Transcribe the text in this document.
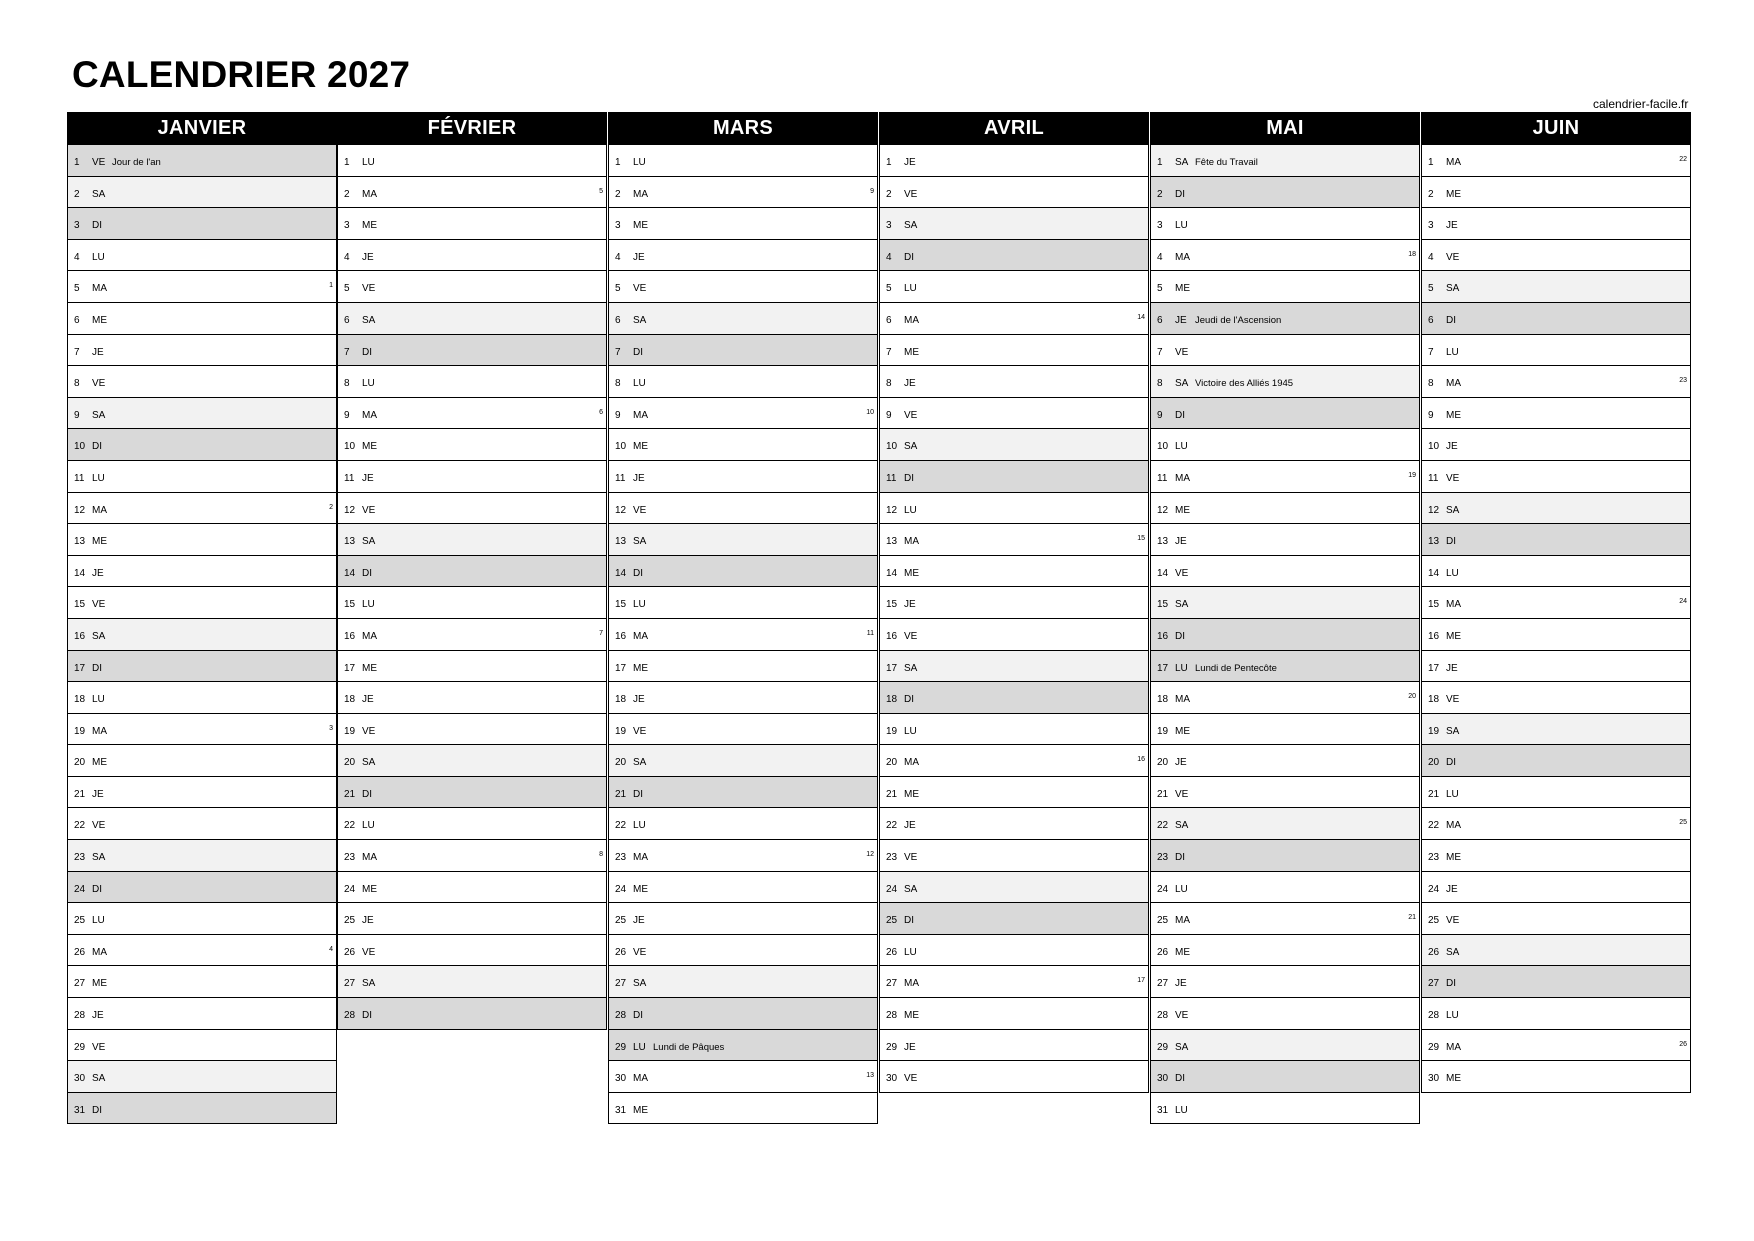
CALENDRIER 2027
calendrier-facile.fr
JANVIER
1 VE Jour de l'an
2 SA
3 DI
4 LU
5 MA	1
6 ME
7 JE
8 VE
9 SA
10 DI
11 LU
12 MA	2
13 ME
14 JE
15 VE
16 SA
17 DI
18 LU
19 MA	3
20 ME
21 JE
22 VE
23 SA
24 DI
25 LU
26 MA	4
27 ME
28 JE
29 VE
30 SA
31 DI
FÉVRIER
1 LU
2 MA	5
3 ME
4 JE
5 VE
6 SA
7 DI
8 LU
9 MA	6
10 ME
11 JE
12 VE
13 SA
14 DI
15 LU
16 MA	7
17 ME
18 JE
19 VE
20 SA
21 DI
22 LU
23 MA	8
24 ME
25 JE
26 VE
27 SA
28 DI
MARS
1 LU
2 MA	9
3 ME
4 JE
5 VE
6 SA
7 DI
8 LU
9 MA	10
10 ME
11 JE
12 VE
13 SA
14 DI
15 LU
16 MA	11
17 ME
18 JE
19 VE
20 SA
21 DI
22 LU
23 MA	12
24 ME
25 JE
26 VE
27 SA
28 DI
29 LU Lundi de Pâques
30 MA	13
31 ME
AVRIL
1 JE
2 VE
3 SA
4 DI
5 LU
6 MA	14
7 ME
8 JE
9 VE
10 SA
11 DI
12 LU
13 MA	15
14 ME
15 JE
16 VE
17 SA
18 DI
19 LU
20 MA	16
21 ME
22 JE
23 VE
24 SA
25 DI
26 LU
27 MA	17
28 ME
29 JE
30 VE
MAI
1 SA Fête du Travail
2 DI
3 LU
4 MA	18
5 ME
6 JE Jeudi de l'Ascension
7 VE
8 SA Victoire des Alliés 1945
9 DI
10 LU
11 MA	19
12 ME
13 JE
14 VE
15 SA
16 DI
17 LU Lundi de Pentecôte
18 MA	20
19 ME
20 JE
21 VE
22 SA
23 DI
24 LU
25 MA	21
26 ME
27 JE
28 VE
29 SA
30 DI
31 LU
JUIN
1 MA	22
2 ME
3 JE
4 VE
5 SA
6 DI
7 LU
8 MA	23
9 ME
10 JE
11 VE
12 SA
13 DI
14 LU
15 MA	24
16 ME
17 JE
18 VE
19 SA
20 DI
21 LU
22 MA	25
23 ME
24 JE
25 VE
26 SA
27 DI
28 LU
29 MA	26
30 ME
